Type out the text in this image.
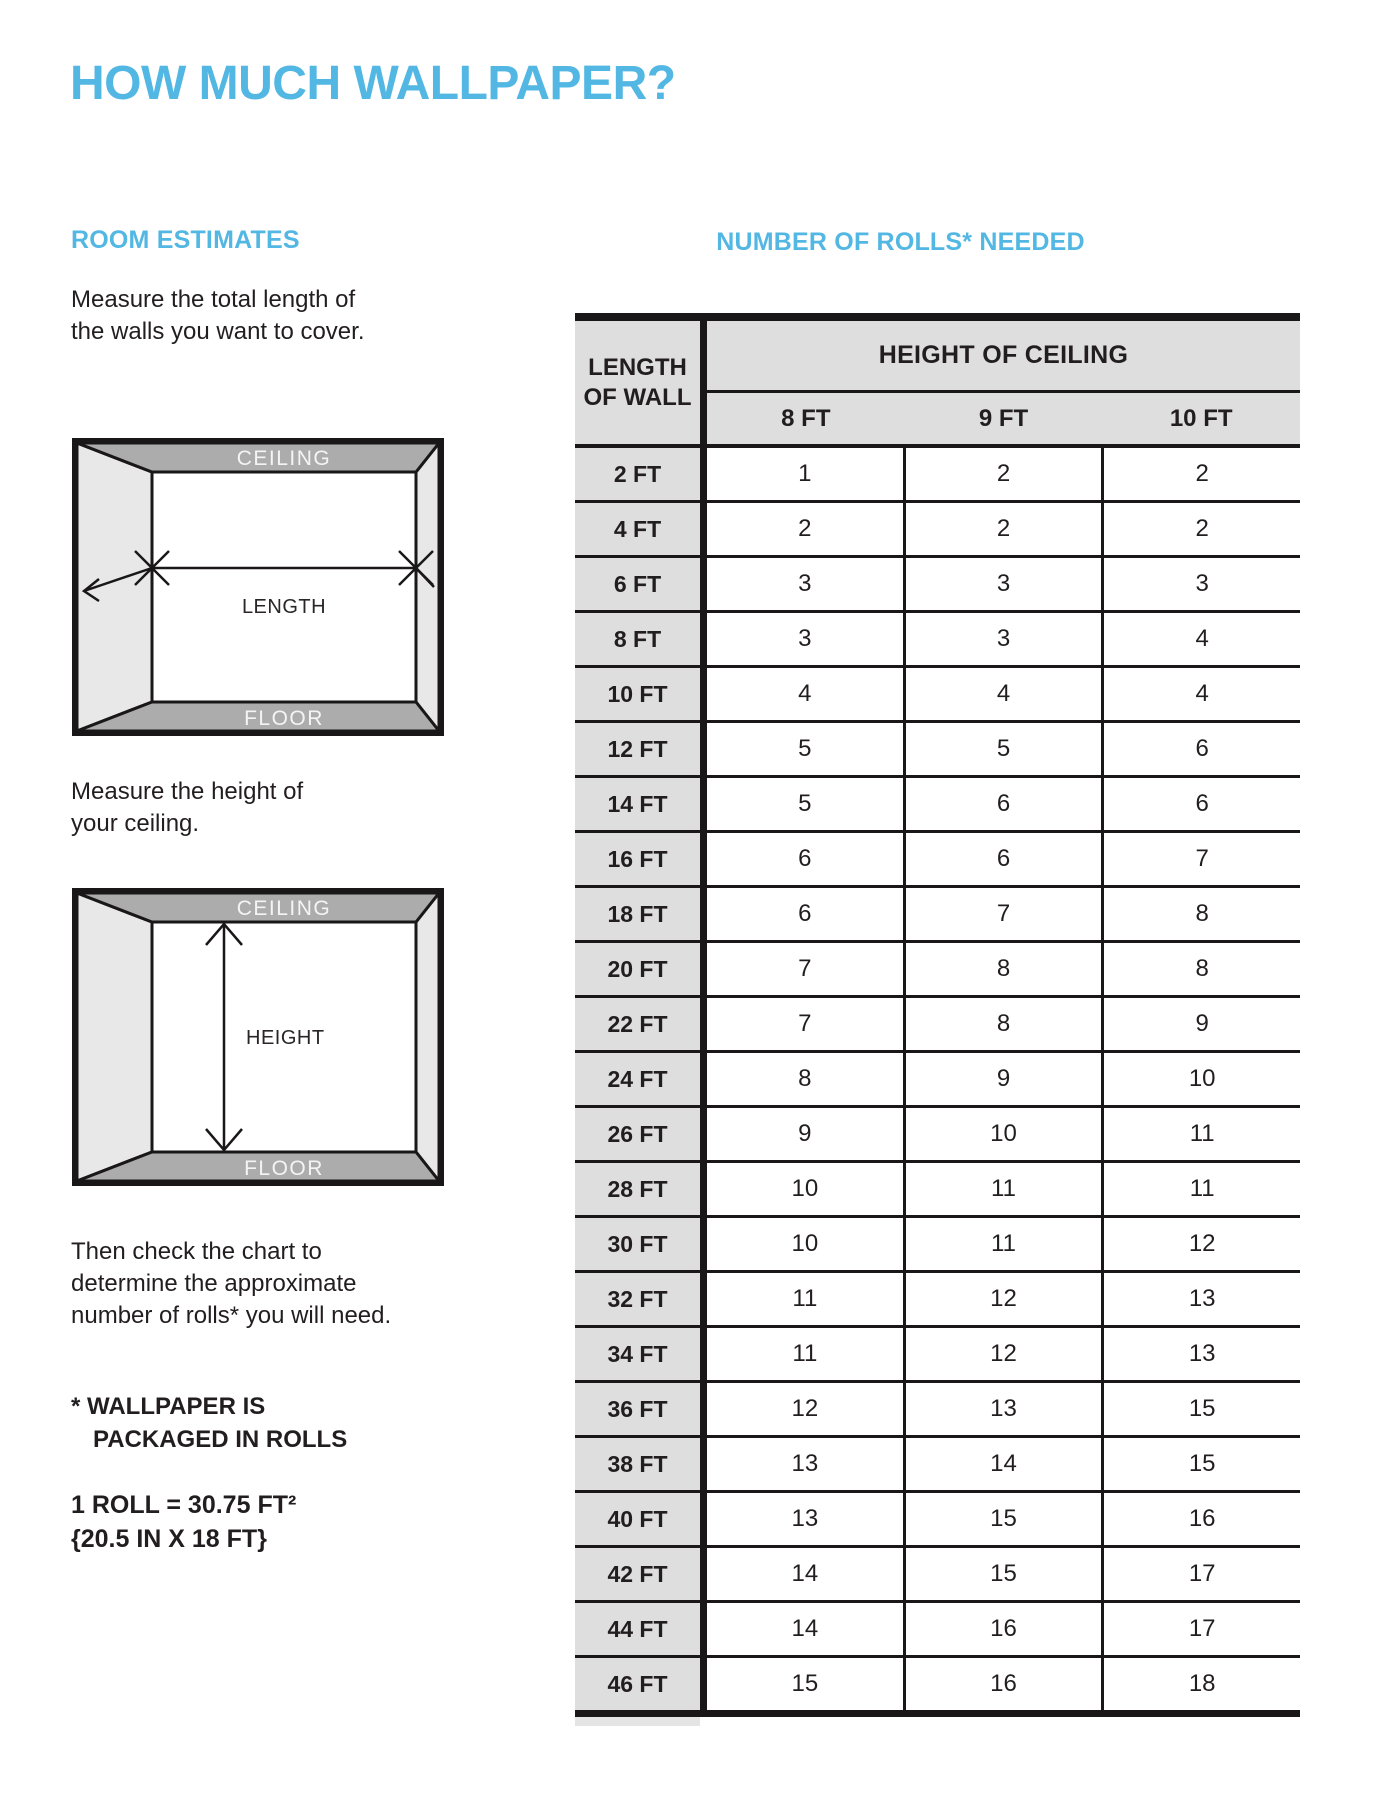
HOW MUCH WALLPAPER?
ROOM ESTIMATES
Measure the total length of
the walls you want to cover.
CEILING
FLOOR
LENGTH
Measure the height of
your ceiling.
CEILING
FLOOR
HEIGHT
Then check the chart to
determine the approximate
number of rolls* you will need.
* WALLPAPER IS
PACKAGED IN ROLLS
1 ROLL = 30.75 FT²
{20.5 IN X 18 FT}
NUMBER OF ROLLS* NEEDED
LENGTH
OF WALL
HEIGHT OF CEILING
8 FT	9 FT	10 FT
2 FT	1	2	2
4 FT	2	2	2
6 FT	3	3	3
8 FT	3	3	4
10 FT	4	4	4
12 FT	5	5	6
14 FT	5	6	6
16 FT	6	6	7
18 FT	6	7	8
20 FT	7	8	8
22 FT	7	8	9
24 FT	8	9	10
26 FT	9	10	11
28 FT	10	11	11
30 FT	10	11	12
32 FT	11	12	13
34 FT	11	12	13
36 FT	12	13	15
38 FT	13	14	15
40 FT	13	15	16
42 FT	14	15	17
44 FT	14	16	17
46 FT	15	16	18
